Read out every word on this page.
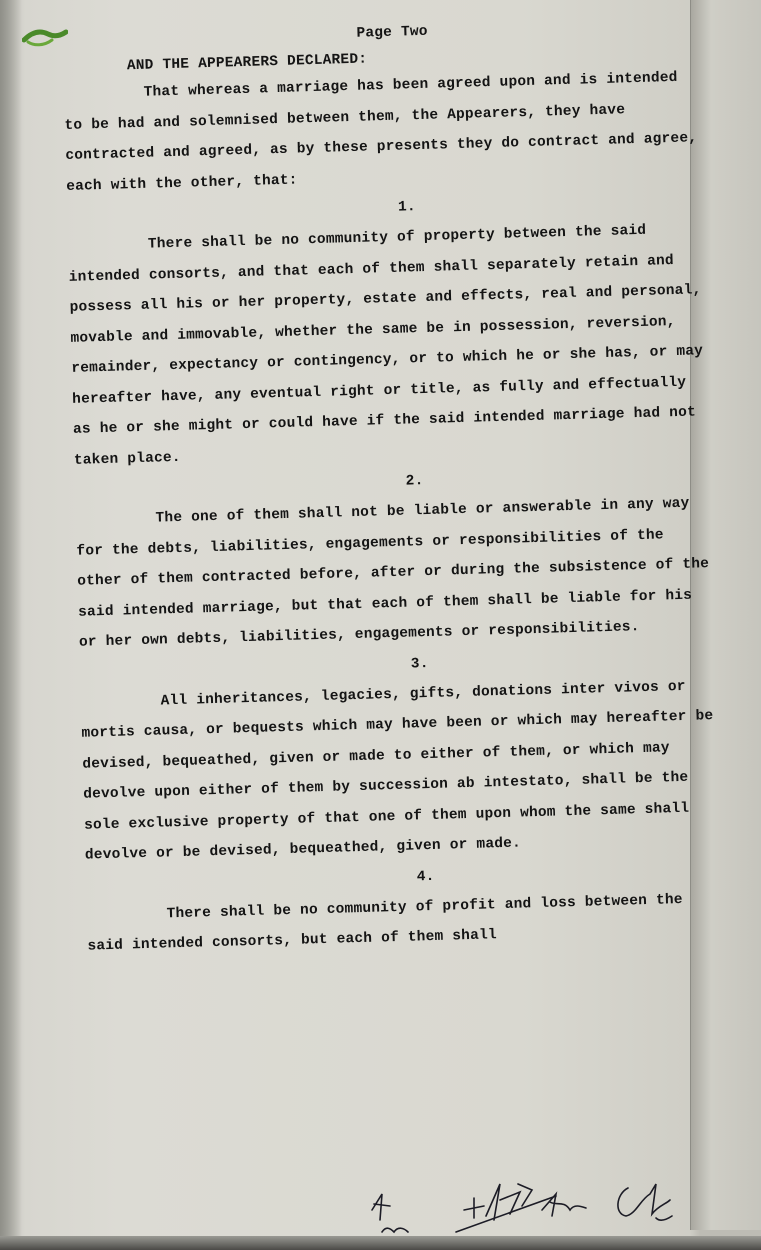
Page Two
AND THE APPEARERS DECLARED:

That whereas a marriage has been agreed upon and is intended to be had and solemnised between them, the Appearers, they have contracted and agreed, as by these presents they do contract and agree, each with the other, that:

1.

There shall be no community of property between the said intended consorts, and that each of them shall separately retain and possess all his or her property, estate and effects, real and personal, movable and immovable, whether the same be in possession, reversion, remainder, expectancy or contingency, or to which he or she has, or may hereafter have, any eventual right or title, as fully and effectually as he or she might or could have if the said intended marriage had not taken place.

2.

The one of them shall not be liable or answerable in any way for the debts, liabilities, engagements or responsibilities of the other of them contracted before, after or during the subsistence of the said intended marriage, but that each of them shall be liable for his or her own debts, liabilities, engagements or responsibilities.

3.

All inheritances, legacies, gifts, donations inter vivos or mortis causa, or bequests which may have been or which may hereafter be devised, bequeathed, given or made to either of them, or which may devolve upon either of them by succession ab intestato, shall be the sole exclusive property of that one of them upon whom the same shall devolve or be devised, bequeathed, given or made.

4.

There shall be no community of profit and loss between the said intended consorts, but each of them shall
